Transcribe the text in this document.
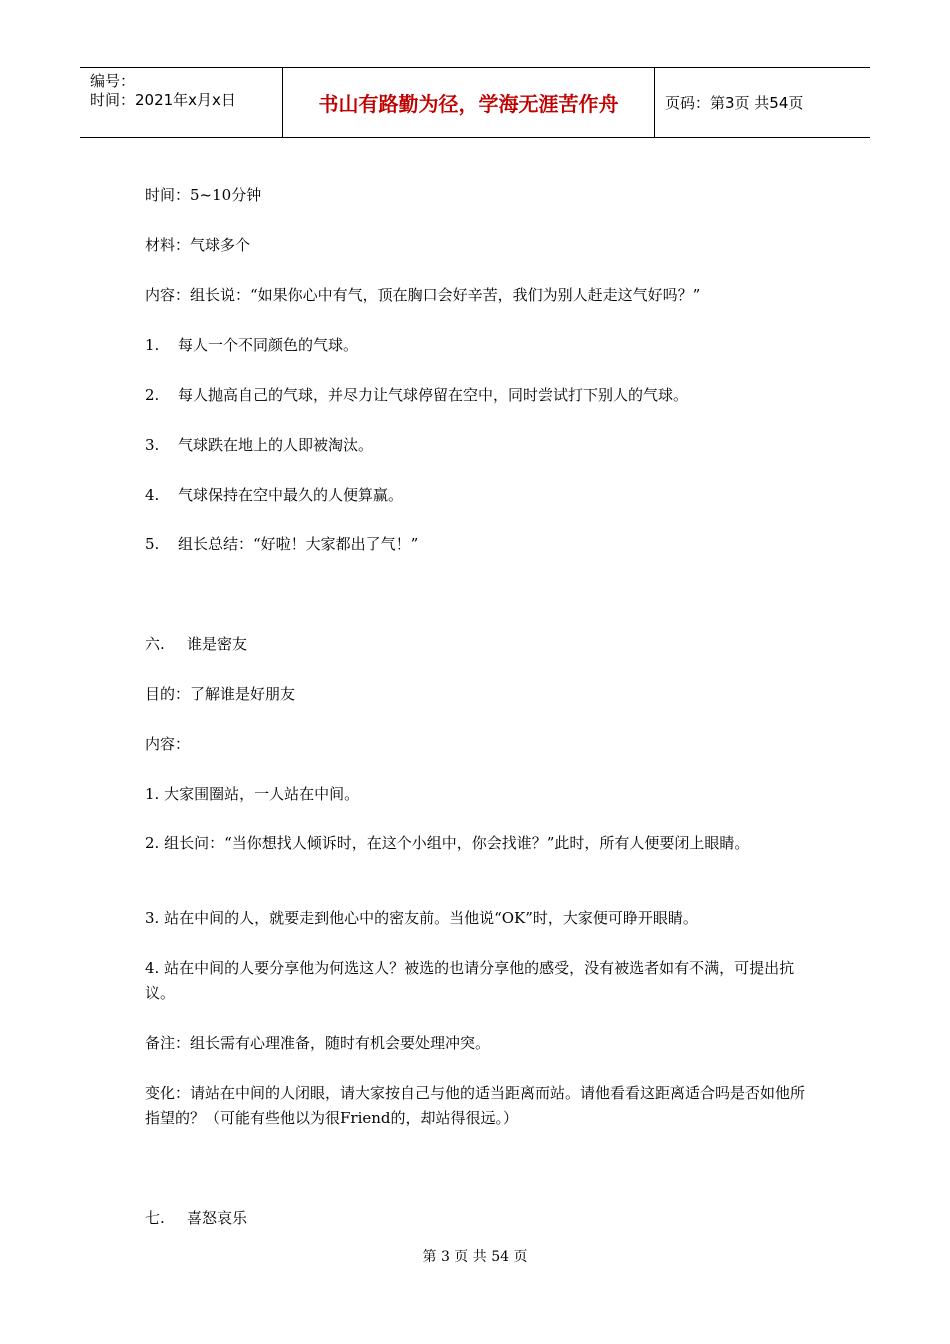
编号：
时间：2021年x月x日	书山有路勤为径，学海无涯苦作舟	页码：第3页 共54页

时间：5~10分钟

材料：气球多个

内容：组长说：“如果你心中有气，顶在胸口会好辛苦，我们为别人赶走这气好吗？”

1. 每人一个不同颜色的气球。

2. 每人抛高自己的气球，并尽力让气球停留在空中，同时尝试打下别人的气球。

3. 气球跌在地上的人即被淘汰。

4. 气球保持在空中最久的人便算赢。

5. 组长总结：“好啦！大家都出了气！”

六. 谁是密友

目的：了解谁是好朋友

内容：

1. 大家围圈站，一人站在中间。

2. 组长问：“当你想找人倾诉时，在这个小组中，你会找谁？”此时，所有人便要闭上眼睛。

3. 站在中间的人，就要走到他心中的密友前。当他说“OK”时，大家便可睁开眼睛。

4. 站在中间的人要分享他为何选这人？被选的也请分享他的感受，没有被选者如有不满，可提出抗议。

备注：组长需有心理准备，随时有机会要处理冲突。

变化：请站在中间的人闭眼，请大家按自己与他的适当距离而站。请他看看这距离适合吗是否如他所指望的？（可能有些他以为很Friend的，却站得很远。）

七. 喜怒哀乐

第 3 页 共 54 页
